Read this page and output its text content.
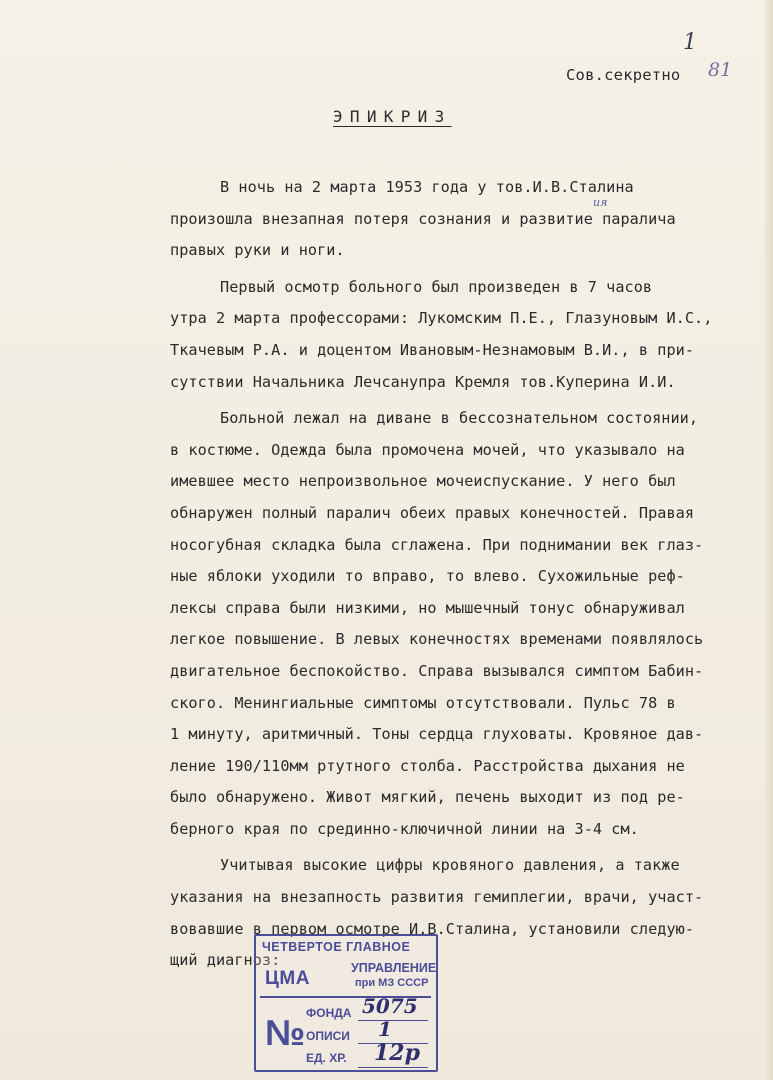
1
Сов.секретно 81
ЭПИКРИЗ
ия
В ночь на 2 марта 1953 года у тов.И.В.Сталина
произошла внезапная потеря сознания и развитие паралича
правых руки и ноги.
Первый осмотр больного был произведен в 7 часов
утра 2 марта профессорами: Лукомским П.Е., Глазуновым И.С.,
Ткачевым Р.А. и доцентом Ивановым-Незнамовым В.И., в при-
сутствии Начальника Лечсанупра Кремля тов.Куперина И.И.
Больной лежал на диване в бессознательном состоянии,
в костюме. Одежда была промочена мочей, что указывало на
имевшее место непроизвольное мочеиспускание. У него был
обнаружен полный паралич обеих правых конечностей. Правая
носогубная складка была сглажена. При поднимании век глаз-
ные яблоки уходили то вправо, то влево. Сухожильные реф-
лексы справа были низкими, но мышечный тонус обнаруживал
легкое повышение. В левых конечностях временами появлялось
двигательное беспокойство. Справа вызывался симптом Бабин-
ского. Менингиальные симптомы отсутствовали. Пульс 78 в
1 минуту, аритмичный. Тоны сердца глуховаты. Кровяное дав-
ление 190/110мм ртутного столба. Расстройства дыхания не
было обнаружено. Живот мягкий, печень выходит из под ре-
берного края по срединно-ключичной линии на 3-4 см.
Учитывая высокие цифры кровяного давления, а также
указания на внезапность развития гемиплегии, врачи, участ-
вовавшие в первом осмотре И.В.Сталина, установили следую-
щий диагноз:
ЧЕТВЕРТОЕ ГЛАВНОЕ
ЦМА	УПРАВЛЕНИЕ
при МЗ СССР
№ ФОНДА
ОПИСИ
ЕД. ХР.
5075
1
12р
